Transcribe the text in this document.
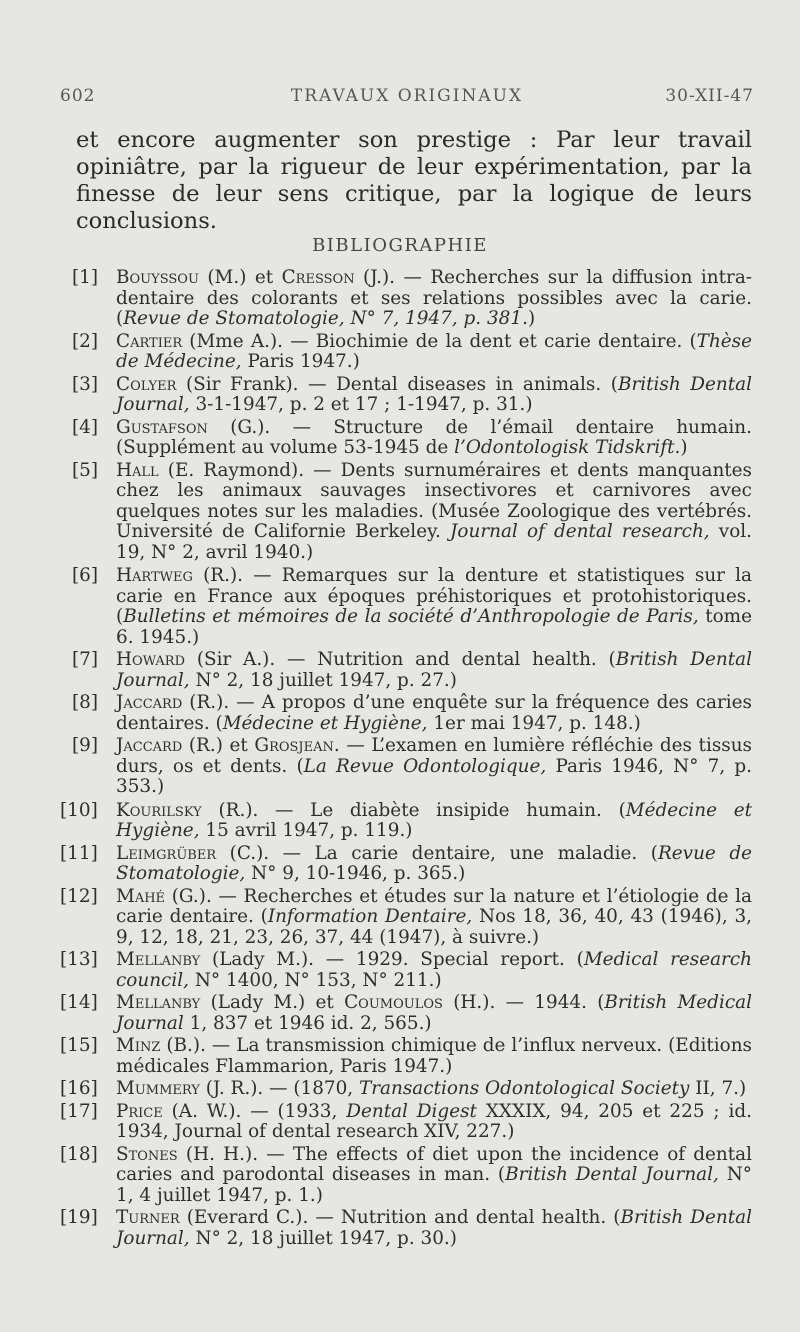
602	TRAVAUX ORIGINAUX	30-XII-47

et encore augmenter son prestige : Par leur travail opiniâtre, par la rigueur de leur expérimentation, par la finesse de leur sens critique, par la logique de leurs conclusions.

BIBLIOGRAPHIE
[1] Bouyssou (M.) et Cresson (J.). — Recherches sur la diffusion intra-dentaire des colorants et ses relations possibles avec la carie. (Revue de Stomatologie, N° 7, 1947, p. 381.)
[2] Cartier (Mme A.). — Biochimie de la dent et carie dentaire. (Thèse de Médecine, Paris 1947.)
[3] Colyer (Sir Frank). — Dental diseases in animals. (British Dental Journal, 3-1-1947, p. 2 et 17 ; 1-1947, p. 31.)
[4] Gustafson (G.). — Structure de l’émail dentaire humain. (Supplément au volume 53-1945 de l’Odontologisk Tidskrift.)
[5] Hall (E. Raymond). — Dents surnuméraires et dents manquantes chez les animaux sauvages insectivores et carnivores avec quelques notes sur les maladies. (Musée Zoologique des vertébrés. Université de Californie Berkeley. Journal of dental research, vol. 19, N° 2, avril 1940.)
[6] Hartweg (R.). — Remarques sur la denture et statistiques sur la carie en France aux époques préhistoriques et protohistoriques. (Bulletins et mémoires de la société d’Anthropologie de Paris, tome 6. 1945.)
[7] Howard (Sir A.). — Nutrition and dental health. (British Dental Journal, N° 2, 18 juillet 1947, p. 27.)
[8] Jaccard (R.). — A propos d’une enquête sur la fréquence des caries dentaires. (Médecine et Hygiène, 1er mai 1947, p. 148.)
[9] Jaccard (R.) et Grosjean. — L’examen en lumière réfléchie des tissus durs, os et dents. (La Revue Odontologique, Paris 1946, N° 7, p. 353.)
[10] Kourilsky (R.). — Le diabète insipide humain. (Médecine et Hygiène, 15 avril 1947, p. 119.)
[11] Leimgrüber (C.). — La carie dentaire, une maladie. (Revue de Stomatologie, N° 9, 10-1946, p. 365.)
[12] Mahé (G.). — Recherches et études sur la nature et l’étiologie de la carie dentaire. (Information Dentaire, Nos 18, 36, 40, 43 (1946), 3, 9, 12, 18, 21, 23, 26, 37, 44 (1947), à suivre.)
[13] Mellanby (Lady M.). — 1929. Special report. (Medical research council, N° 1400, N° 153, N° 211.)
[14] Mellanby (Lady M.) et Coumoulos (H.). — 1944. (British Medical Journal 1, 837 et 1946 id. 2, 565.)
[15] Minz (B.). — La transmission chimique de l’influx nerveux. (Editions médicales Flammarion, Paris 1947.)
[16] Mummery (J. R.). — (1870, Transactions Odontological Society II, 7.)
[17] Price (A. W.). — (1933, Dental Digest XXXIX, 94, 205 et 225 ; id. 1934, Journal of dental research XIV, 227.)
[18] Stones (H. H.). — The effects of diet upon the incidence of dental caries and parodontal diseases in man. (British Dental Journal, N° 1, 4 juillet 1947, p. 1.)
[19] Turner (Everard C.). — Nutrition and dental health. (British Dental Journal, N° 2, 18 juillet 1947, p. 30.)
